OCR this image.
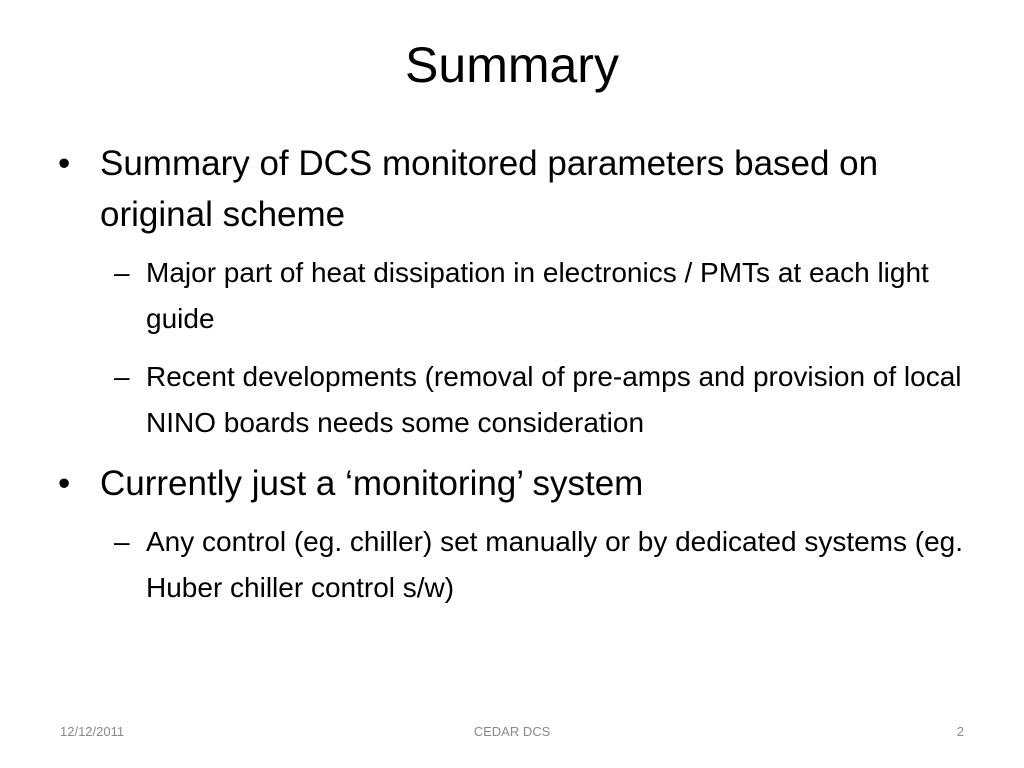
Summary
• Summary of DCS monitored parameters based on original scheme
– Major part of heat dissipation in electronics / PMTs at each light guide
– Recent developments (removal of pre-amps and provision of local NINO boards needs some consideration
• Currently just a ‘monitoring’ system
– Any control (eg. chiller) set manually or by dedicated systems (eg. Huber chiller control s/w)
12/12/2011	CEDAR DCS	2
